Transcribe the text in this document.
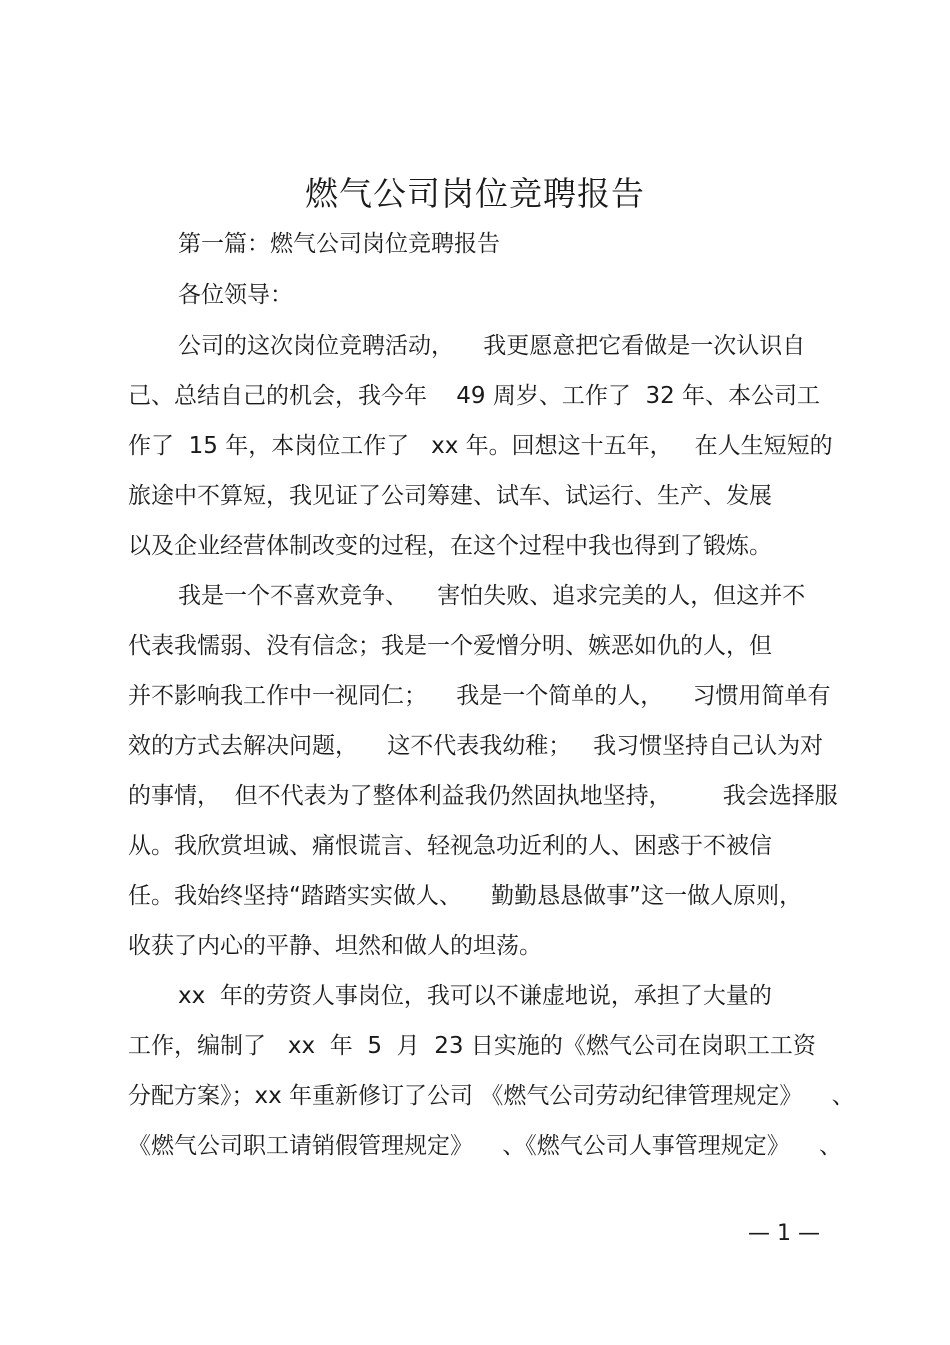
燃气公司岗位竞聘报告
第一篇：燃气公司岗位竞聘报告
各位领导：
公司的这次岗位竞聘活动，    我更愿意把它看做是一次认识自
己、总结自己的机会，我今年    49 周岁、工作了  32 年、本公司工
作了  15 年，本岗位工作了   xx 年。回想这十五年，   在人生短短的
旅途中不算短，我见证了公司筹建、试车、试运行、生产、发展
以及企业经营体制改变的过程，在这个过程中我也得到了锻炼。
我是一个不喜欢竞争、    害怕失败、追求完美的人，但这并不
代表我懦弱、没有信念；我是一个爱憎分明、嫉恶如仇的人，但
并不影响我工作中一视同仁；    我是一个简单的人，    习惯用简单有
效的方式去解决问题，    这不代表我幼稚；   我习惯坚持自己认为对
的事情，  但不代表为了整体利益我仍然固执地坚持，       我会选择服
从。我欣赏坦诚、痛恨谎言、轻视急功近利的人、困惑于不被信
任。我始终坚持“踏踏实实做人、    勤勤恳恳做事”这一做人原则，
收获了内心的平静、坦然和做人的坦荡。
xx  年的劳资人事岗位，我可以不谦虚地说，承担了大量的
工作，编制了   xx  年  5  月  23 日实施的《燃气公司在岗职工工资
分配方案》；xx 年重新修订了公司 《燃气公司劳动纪律管理规定》    、
《燃气公司职工请销假管理规定》    、《燃气公司人事管理规定》    、
— 1 —
